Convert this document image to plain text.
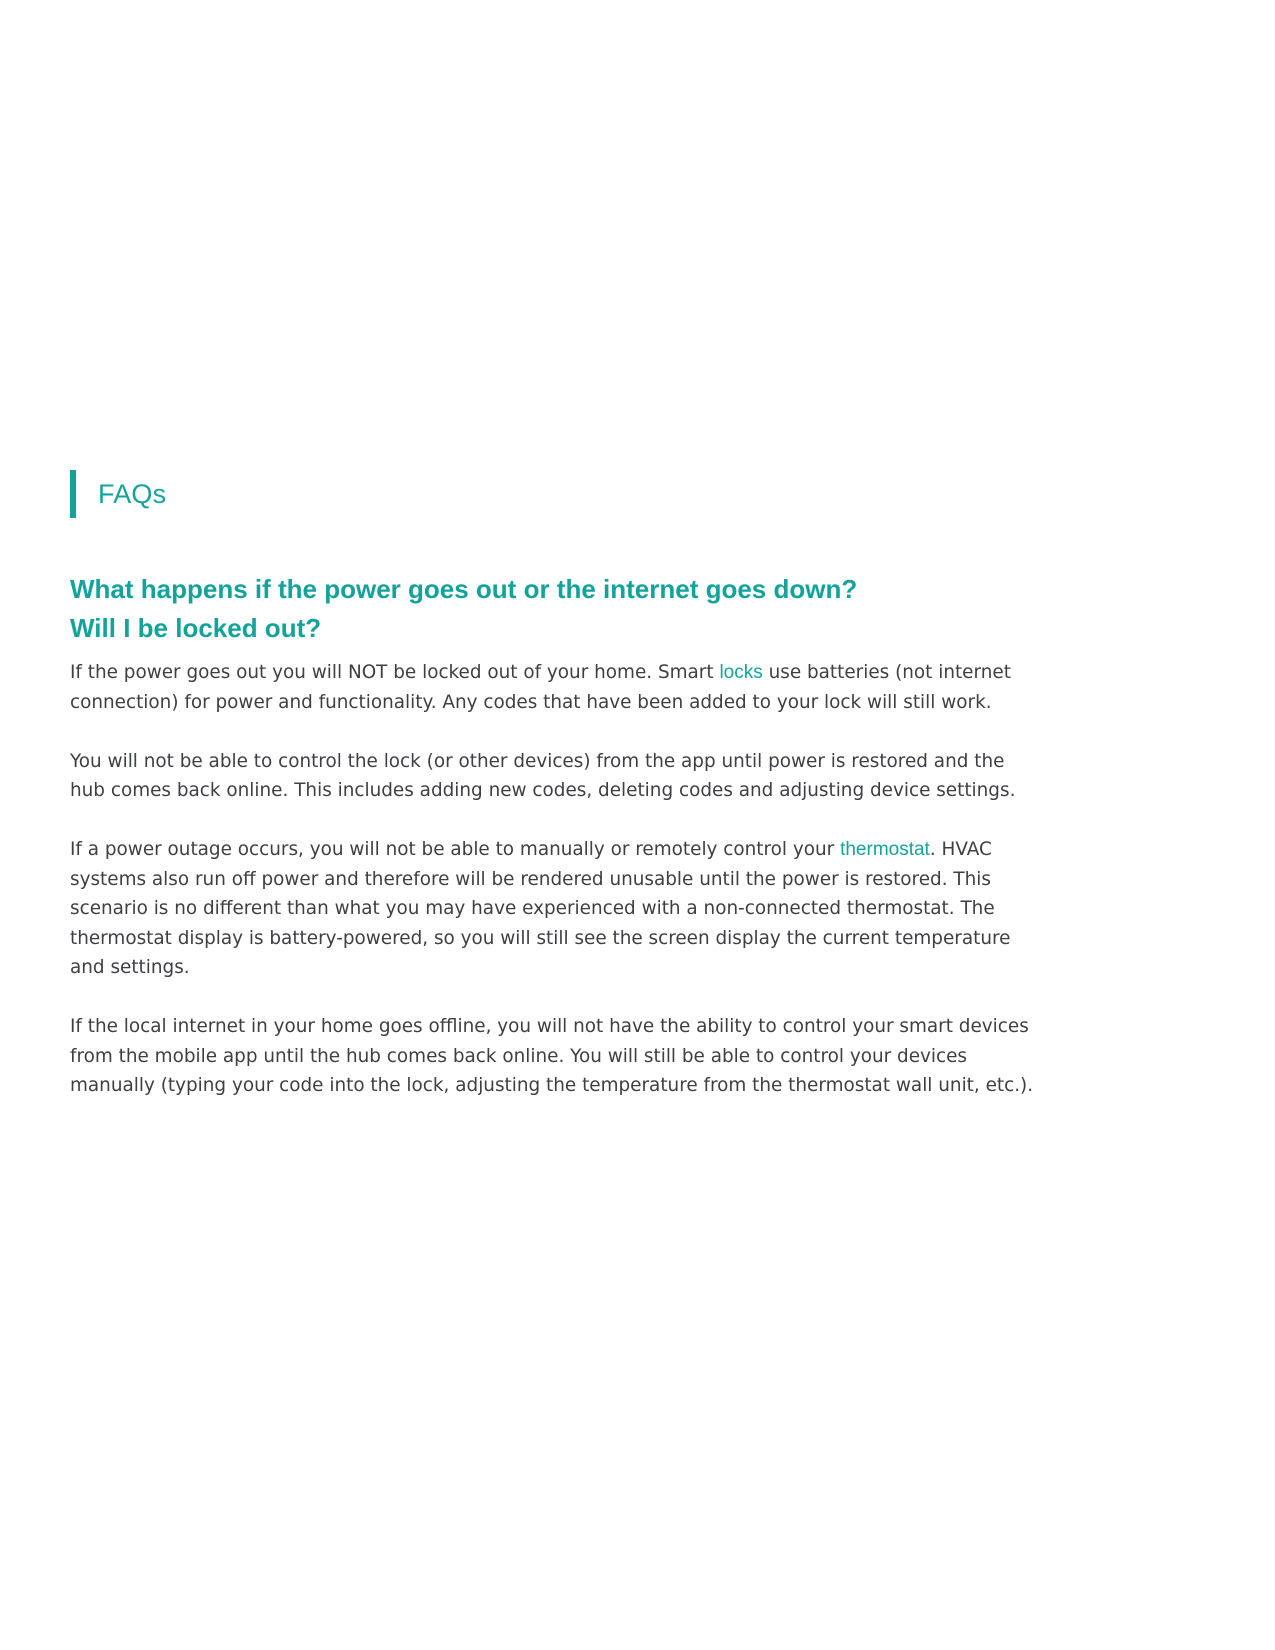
FAQs
What happens if the power goes out or the internet goes down?
Will I be locked out?

If the power goes out you will NOT be locked out of your home. Smart locks use batteries (not internet
connection) for power and functionality. Any codes that have been added to your lock will still work.

You will not be able to control the lock (or other devices) from the app until power is restored and the
hub comes back online. This includes adding new codes, deleting codes and adjusting device settings.

If a power outage occurs, you will not be able to manually or remotely control your thermostat. HVAC
systems also run off power and therefore will be rendered unusable until the power is restored. This
scenario is no different than what you may have experienced with a non-connected thermostat. The
thermostat display is battery-powered, so you will still see the screen display the current temperature
and settings.

If the local internet in your home goes offline, you will not have the ability to control your smart devices
from the mobile app until the hub comes back online. You will still be able to control your devices
manually (typing your code into the lock, adjusting the temperature from the thermostat wall unit, etc.).
